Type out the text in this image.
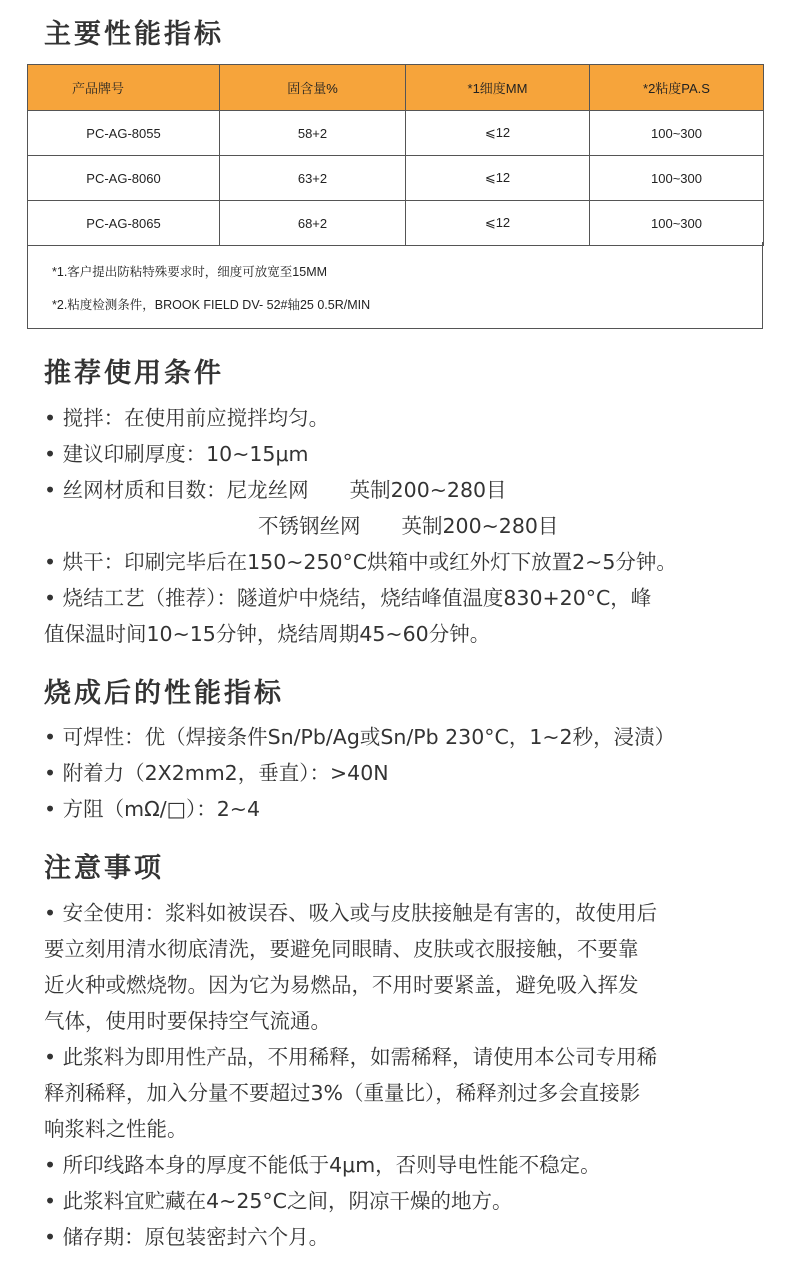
主要性能指标
产品牌号	固含量%	*1细度MM	*2粘度PA.S
PC-AG-8055	58+2	⩽12	100~300
PC-AG-8060	63+2	⩽12	100~300
PC-AG-8065	68+2	⩽12	100~300
*1.客户提出防粘特殊要求时，细度可放宽至15MM
*2.粘度检测条件，BROOK FIELD DV- 52#轴25 0.5R/MIN
推荐使用条件
• 搅拌：在使用前应搅拌均匀。
• 建议印刷厚度：10~15μm
• 丝网材质和目数：尼龙丝网　　英制200~280目
不锈钢丝网　　英制200~280目
• 烘干：印刷完毕后在150~250°C烘箱中或红外灯下放置2~5分钟。
• 烧结工艺（推荐）：隧道炉中烧结，烧结峰值温度830+20°C，峰
值保温时间10~15分钟，烧结周期45~60分钟。
烧成后的性能指标
• 可焊性：优（焊接条件Sn/Pb/Ag或Sn/Pb 230°C，1~2秒，浸渍）
• 附着力（2X2mm2，垂直）：>40N
• 方阻（mΩ/□）：2~4
注意事项
• 安全使用：浆料如被误吞、吸入或与皮肤接触是有害的，故使用后
要立刻用清水彻底清洗，要避免同眼睛、皮肤或衣服接触，不要靠
近火种或燃烧物。因为它为易燃品，不用时要紧盖，避免吸入挥发
气体，使用时要保持空气流通。
• 此浆料为即用性产品，不用稀释，如需稀释，请使用本公司专用稀
释剂稀释，加入分量不要超过3%（重量比），稀释剂过多会直接影
响浆料之性能。
• 所印线路本身的厚度不能低于4μm，否则导电性能不稳定。
• 此浆料宜贮藏在4~25°C之间，阴凉干燥的地方。
• 储存期：原包装密封六个月。
